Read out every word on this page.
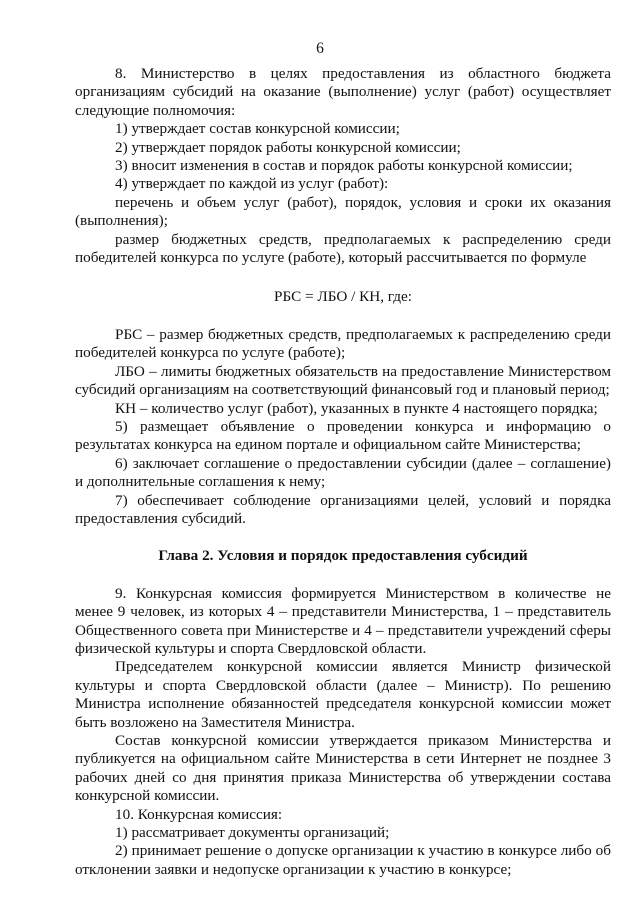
6

8. Министерство в целях предоставления из областного бюджета организациям субсидий на оказание (выполнение) услуг (работ) осуществляет следующие полномочия:

1) утверждает состав конкурсной комиссии;

2) утверждает порядок работы конкурсной комиссии;

3) вносит изменения в состав и порядок работы конкурсной комиссии;

4) утверждает по каждой из услуг (работ):

перечень и объем услуг (работ), порядок, условия и сроки их оказания (выполнения);

размер бюджетных средств, предполагаемых к распределению среди победителей конкурса по услуге (работе), который рассчитывается по формуле

РБС = ЛБО / КН, где:

РБС – размер бюджетных средств, предполагаемых к распределению среди победителей конкурса по услуге (работе);

ЛБО – лимиты бюджетных обязательств на предоставление Министерством субсидий организациям на соответствующий финансовый год и плановый период;

КН – количество услуг (работ), указанных в пункте 4 настоящего порядка;

5) размещает объявление о проведении конкурса и информацию о результатах конкурса на едином портале и официальном сайте Министерства;

6) заключает соглашение о предоставлении субсидии (далее – соглашение) и дополнительные соглашения к нему;

7) обеспечивает соблюдение организациями целей, условий и порядка предоставления субсидий.

Глава 2. Условия и порядок предоставления субсидий

9. Конкурсная комиссия формируется Министерством в количестве не менее 9 человек, из которых 4 – представители Министерства, 1 – представитель Общественного совета при Министерстве и 4 – представители учреждений сферы физической культуры и спорта Свердловской области.

Председателем конкурсной комиссии является Министр физической культуры и спорта Свердловской области (далее – Министр). По решению Министра исполнение обязанностей председателя конкурсной комиссии может быть возложено на Заместителя Министра.

Состав конкурсной комиссии утверждается приказом Министерства и публикуется на официальном сайте Министерства в сети Интернет не позднее 3 рабочих дней со дня принятия приказа Министерства об утверждении состава конкурсной комиссии.

10. Конкурсная комиссия:

1) рассматривает документы организаций;

2) принимает решение о допуске организации к участию в конкурсе либо об отклонении заявки и недопуске организации к участию в конкурсе;
